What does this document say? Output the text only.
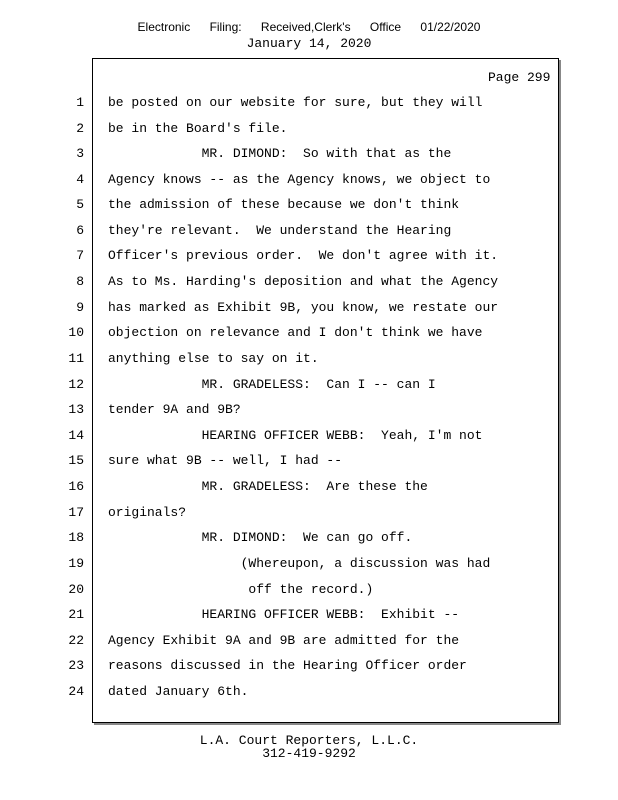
Electronic Filing: Received,Clerk's Office 01/22/2020
January 14, 2020
Page 299
1 be posted on our website for sure, but they will
2 be in the Board's file.
3 MR. DIMOND:  So with that as the
4 Agency knows -- as the Agency knows, we object to
5 the admission of these because we don't think
6 they're relevant.  We understand the Hearing
7 Officer's previous order.  We don't agree with it.
8 As to Ms. Harding's deposition and what the Agency
9 has marked as Exhibit 9B, you know, we restate our
10 objection on relevance and I don't think we have
11 anything else to say on it.
12 MR. GRADELESS:  Can I -- can I
13 tender 9A and 9B?
14 HEARING OFFICER WEBB:  Yeah, I'm not
15 sure what 9B -- well, I had --
16 MR. GRADELESS:  Are these the
17 originals?
18 MR. DIMOND:  We can go off.
19 (Whereupon, a discussion was had
20 off the record.)
21 HEARING OFFICER WEBB:  Exhibit --
22 Agency Exhibit 9A and 9B are admitted for the
23 reasons discussed in the Hearing Officer order
24 dated January 6th.
L.A. Court Reporters, L.L.C.
312-419-9292
